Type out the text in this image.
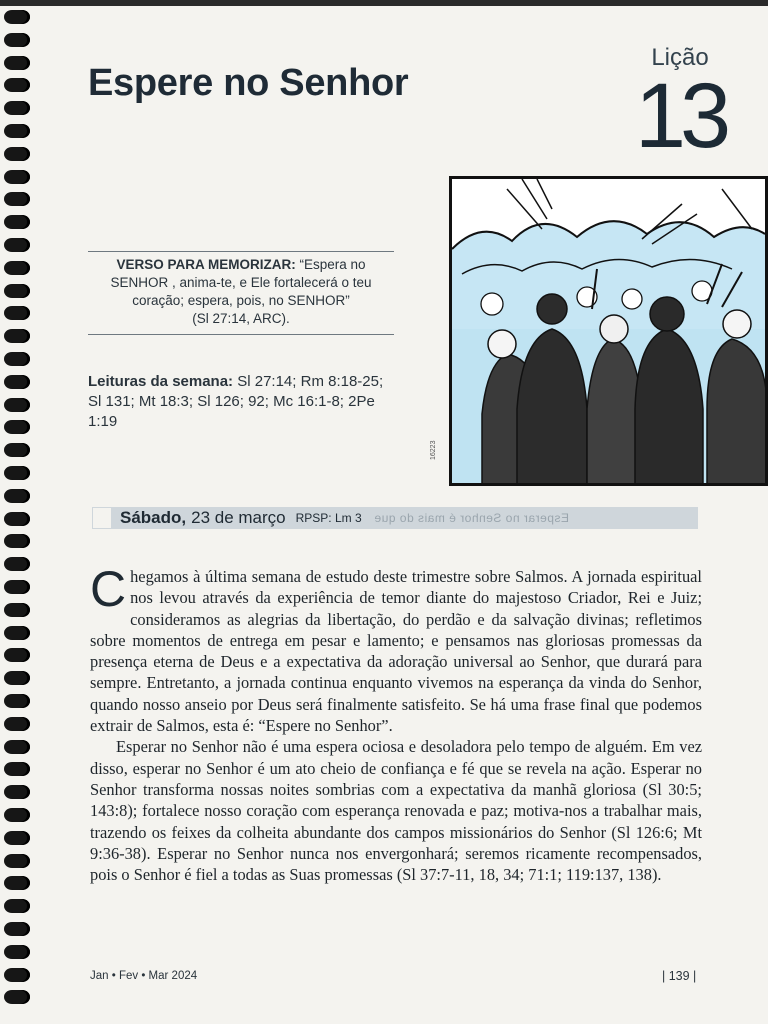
Espere no Senhor
Lição
13
VERSO PARA MEMORIZAR: “Espera no SENHOR , anima-te, e Ele fortalecerá o teu coração; espera, pois, no SENHOR”
(Sl 27:14, ARC).
Leituras da semana: Sl 27:14; Rm 8:18-25; Sl 131; Mt 18:3; Sl 126; 92; Mc 16:1-8; 2Pe 1:19
16223
Sábado, 23 de março RPSP: Lm 3 Esperar no Senhor é mais do que

Chegamos à última semana de estudo deste trimestre sobre Salmos. A jornada espiritual nos levou através da experiência de temor diante do majestoso Criador, Rei e Juiz; consideramos as alegrias da libertação, do perdão e da salvação divinas; refletimos sobre momentos de entrega em pesar e lamento; e pensamos nas gloriosas promessas da presença eterna de Deus e a expectativa da adoração universal ao Senhor, que durará para sempre. Entretanto, a jornada continua enquanto vivemos na esperança da vinda do Senhor, quando nosso anseio por Deus será finalmente satisfeito. Se há uma frase final que podemos extrair de Salmos, esta é: “Espere no Senhor”.

Esperar no Senhor não é uma espera ociosa e desoladora pelo tempo de alguém. Em vez disso, esperar no Senhor é um ato cheio de confiança e fé que se revela na ação. Esperar no Senhor transforma nossas noites sombrias com a expectativa da manhã gloriosa (Sl 30:5; 143:8); fortalece nosso coração com esperança renovada e paz; motiva-nos a trabalhar mais, trazendo os feixes da colheita abundante dos campos missionários do Senhor (Sl 126:6; Mt 9:36-38). Esperar no Senhor nunca nos envergonhará; seremos ricamente recompensados, pois o Senhor é fiel a todas as Suas promessas (Sl 37:7-11, 18, 34; 71:1; 119:137, 138).

Jan • Fev • Mar 2024	| 139 |
